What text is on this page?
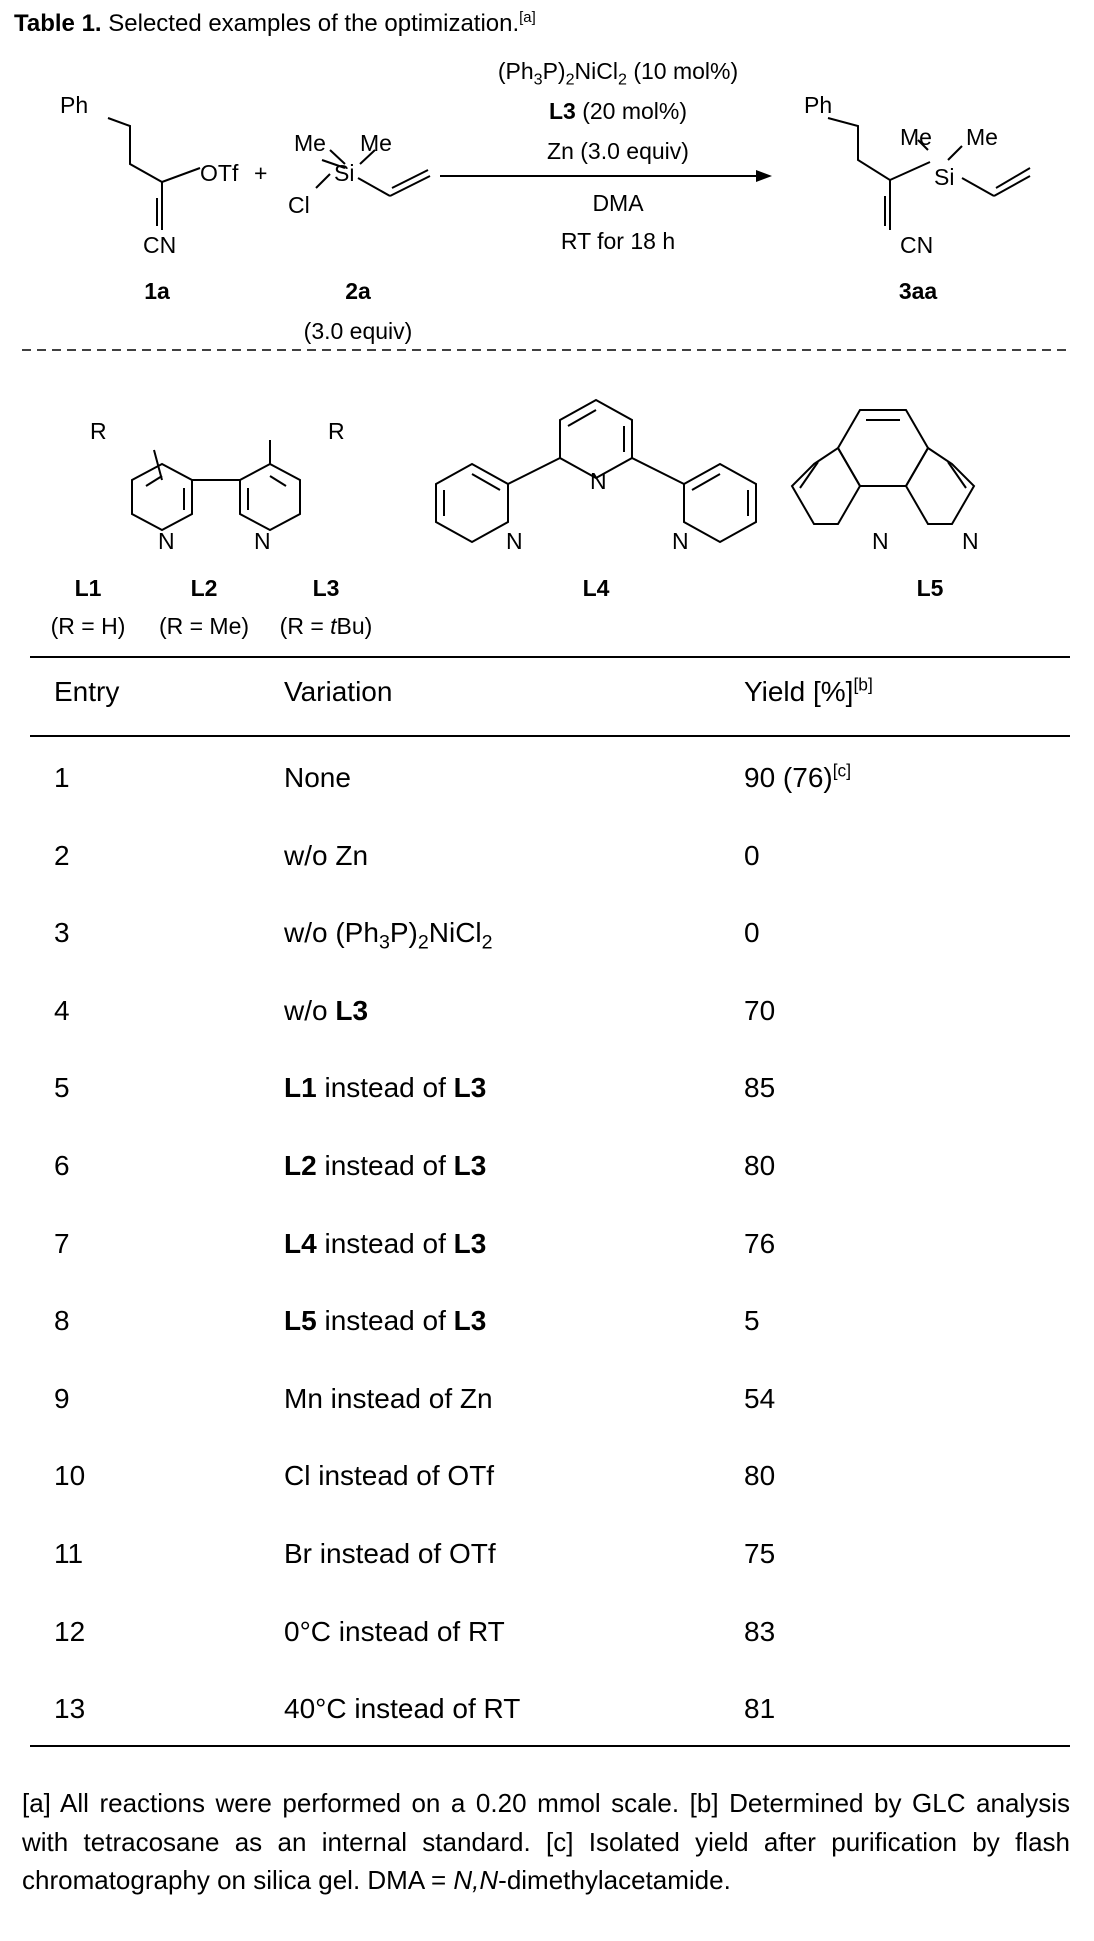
Table 1. Selected examples of the optimization.[a]
Ph
OTf +
CN
1a
Me Me
Si
Cl
2a
(3.0 equiv)
$(Ph_3P)_2NiCl_2$ (10 mol%)
L3 (20 mol%)
Zn (3.0 equiv)
DMA
RT for 18 h
Ph
Me Me
Si
CN
3aa
R	R
N	N
N
N	N	N	N
L1	L2	L3
(R = H) (R = Me) (R = tBu)
L4	L5
Entry	Variation	Yield [%][b]
1	None	90 (76)[c]
2	w/o Zn	0
3	w/o $(Ph_3P)_2NiCl_2$	0
4	w/o L3	70
5	L1 instead of L3	85
6	L2 instead of L3	80
7	L4 instead of L3	76
8	L5 instead of L3	5
9	Mn instead of Zn	54
10	Cl instead of OTf	80
11	Br instead of OTf	75
12	0°C instead of RT	83
13	40°C instead of RT	81
[a] All reactions were performed on a 0.20 mmol scale. [b] Determined by GLC analysis with tetracosane as an internal standard. [c] Isolated yield after purification by flash chromatography on silica gel. DMA = N,N-dimethylacetamide.
